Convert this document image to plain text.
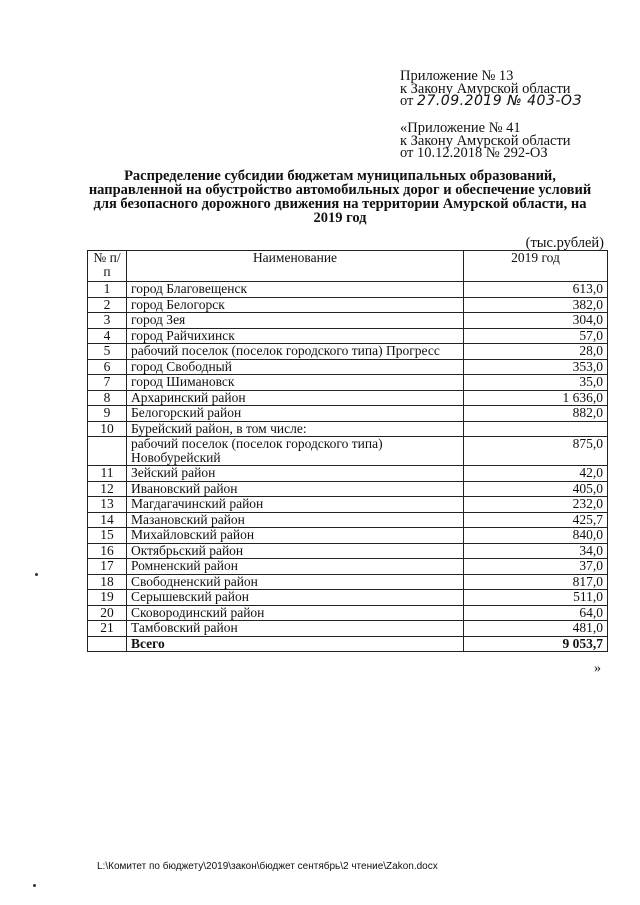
Приложение № 13
к Закону Амурской области
от 27.09.2019 № 403-ОЗ
«Приложение № 41
к Закону Амурской области
от 10.12.2018 № 292-ОЗ
Распределение субсидии бюджетам муниципальных образований, направленной на обустройство автомобильных дорог и обеспечение условий для безопасного дорожного движения на территории Амурской области, на 2019 год
(тыс.рублей)
№ п/п	Наименование	2019 год
1	город Благовещенск	613,0
2	город Белогорск	382,0
3	город Зея	304,0
4	город Райчихинск	57,0
5	рабочий поселок (поселок городского типа) Прогресс	28,0
6	город Свободный	353,0
7	город Шимановск	35,0
8	Архаринский район	1 636,0
9	Белогорский район	882,0
10	Бурейский район, в том числе:	
	рабочий поселок (поселок городского типа) Новобурейский	875,0
11	Зейский район	42,0
12	Ивановский район	405,0
13	Магдагачинский район	232,0
14	Мазановский район	425,7
15	Михайловский район	840,0
16	Октябрьский район	34,0
17	Ромненский район	37,0
18	Свободненский район	817,0
19	Серышевский район	511,0
20	Сковородинский район	64,0
21	Тамбовский район	481,0
	Всего	9 053,7
»
L:\Комитет по бюджету\2019\закон\бюджет сентябрь\2 чтение\Zakon.docx
